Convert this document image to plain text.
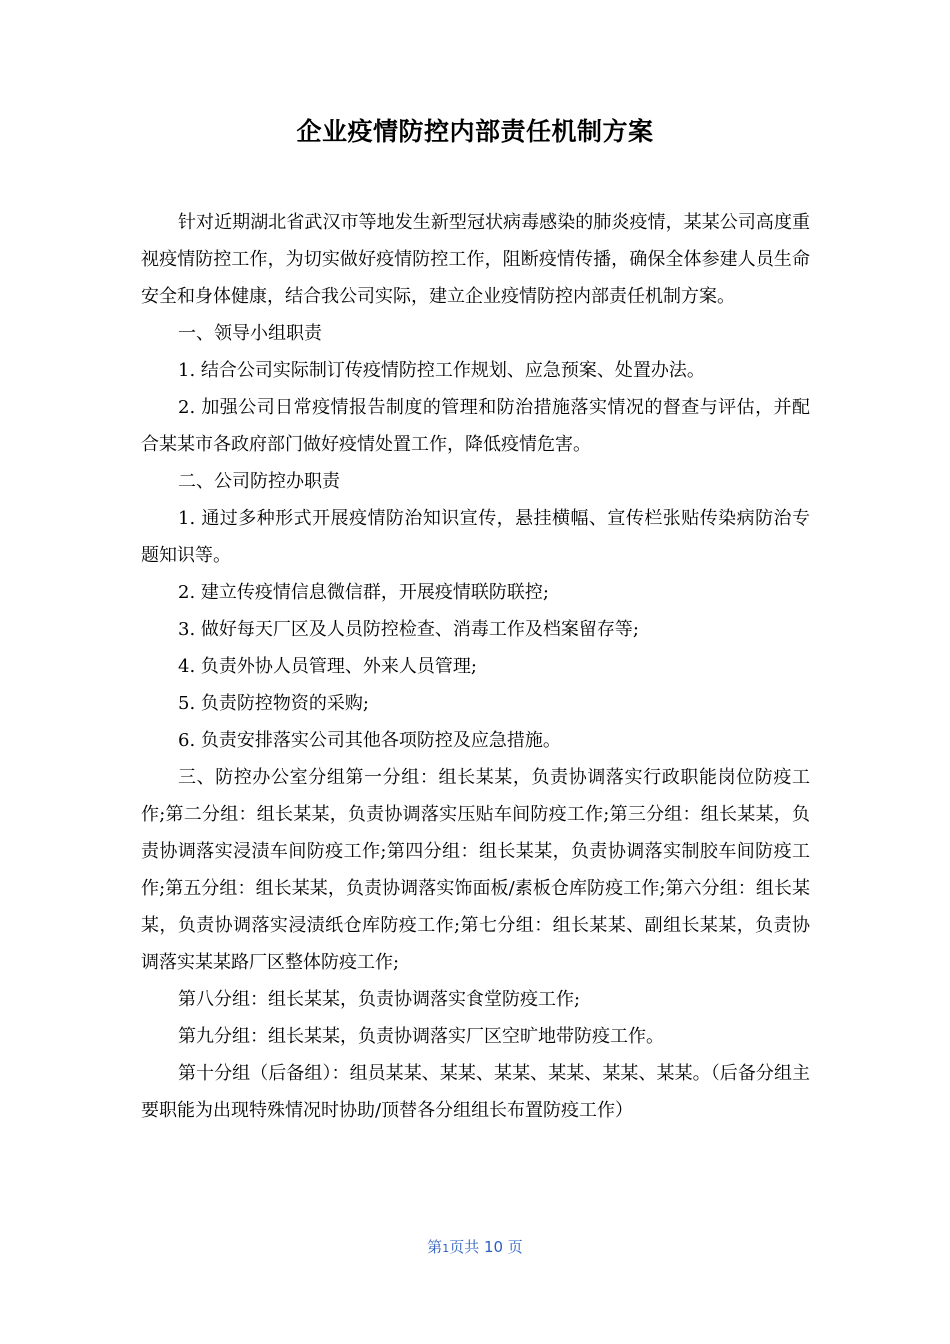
企业疫情防控内部责任机制方案

针对近期湖北省武汉市等地发生新型冠状病毒感染的肺炎疫情，某某公司高度重视疫情防控工作，为切实做好疫情防控工作，阻断疫情传播，确保全体参建人员生命安全和身体健康，结合我公司实际，建立企业疫情防控内部责任机制方案。

一、领导小组职责

1. 结合公司实际制订传疫情防控工作规划、应急预案、处置办法。

2. 加强公司日常疫情报告制度的管理和防治措施落实情况的督查与评估，并配合某某市各政府部门做好疫情处置工作，降低疫情危害。

二、公司防控办职责

1. 通过多种形式开展疫情防治知识宣传，悬挂横幅、宣传栏张贴传染病防治专题知识等。

2. 建立传疫情信息微信群，开展疫情联防联控;

3. 做好每天厂区及人员防控检查、消毒工作及档案留存等;

4. 负责外协人员管理、外来人员管理;

5. 负责防控物资的采购;

6. 负责安排落实公司其他各项防控及应急措施。

三、防控办公室分组第一分组：组长某某，负责协调落实行政职能岗位防疫工作;第二分组：组长某某，负责协调落实压贴车间防疫工作;第三分组：组长某某，负责协调落实浸渍车间防疫工作;第四分组：组长某某，负责协调落实制胶车间防疫工作;第五分组：组长某某，负责协调落实饰面板/素板仓库防疫工作;第六分组：组长某某，负责协调落实浸渍纸仓库防疫工作;第七分组：组长某某、副组长某某，负责协调落实某某路厂区整体防疫工作;

第八分组：组长某某，负责协调落实食堂防疫工作;

第九分组：组长某某，负责协调落实厂区空旷地带防疫工作。

第十分组（后备组）：组员某某、某某、某某、某某、某某、某某。（后备分组主要职能为出现特殊情况时协助/顶替各分组组长布置防疫工作）

第1页共 10 页
